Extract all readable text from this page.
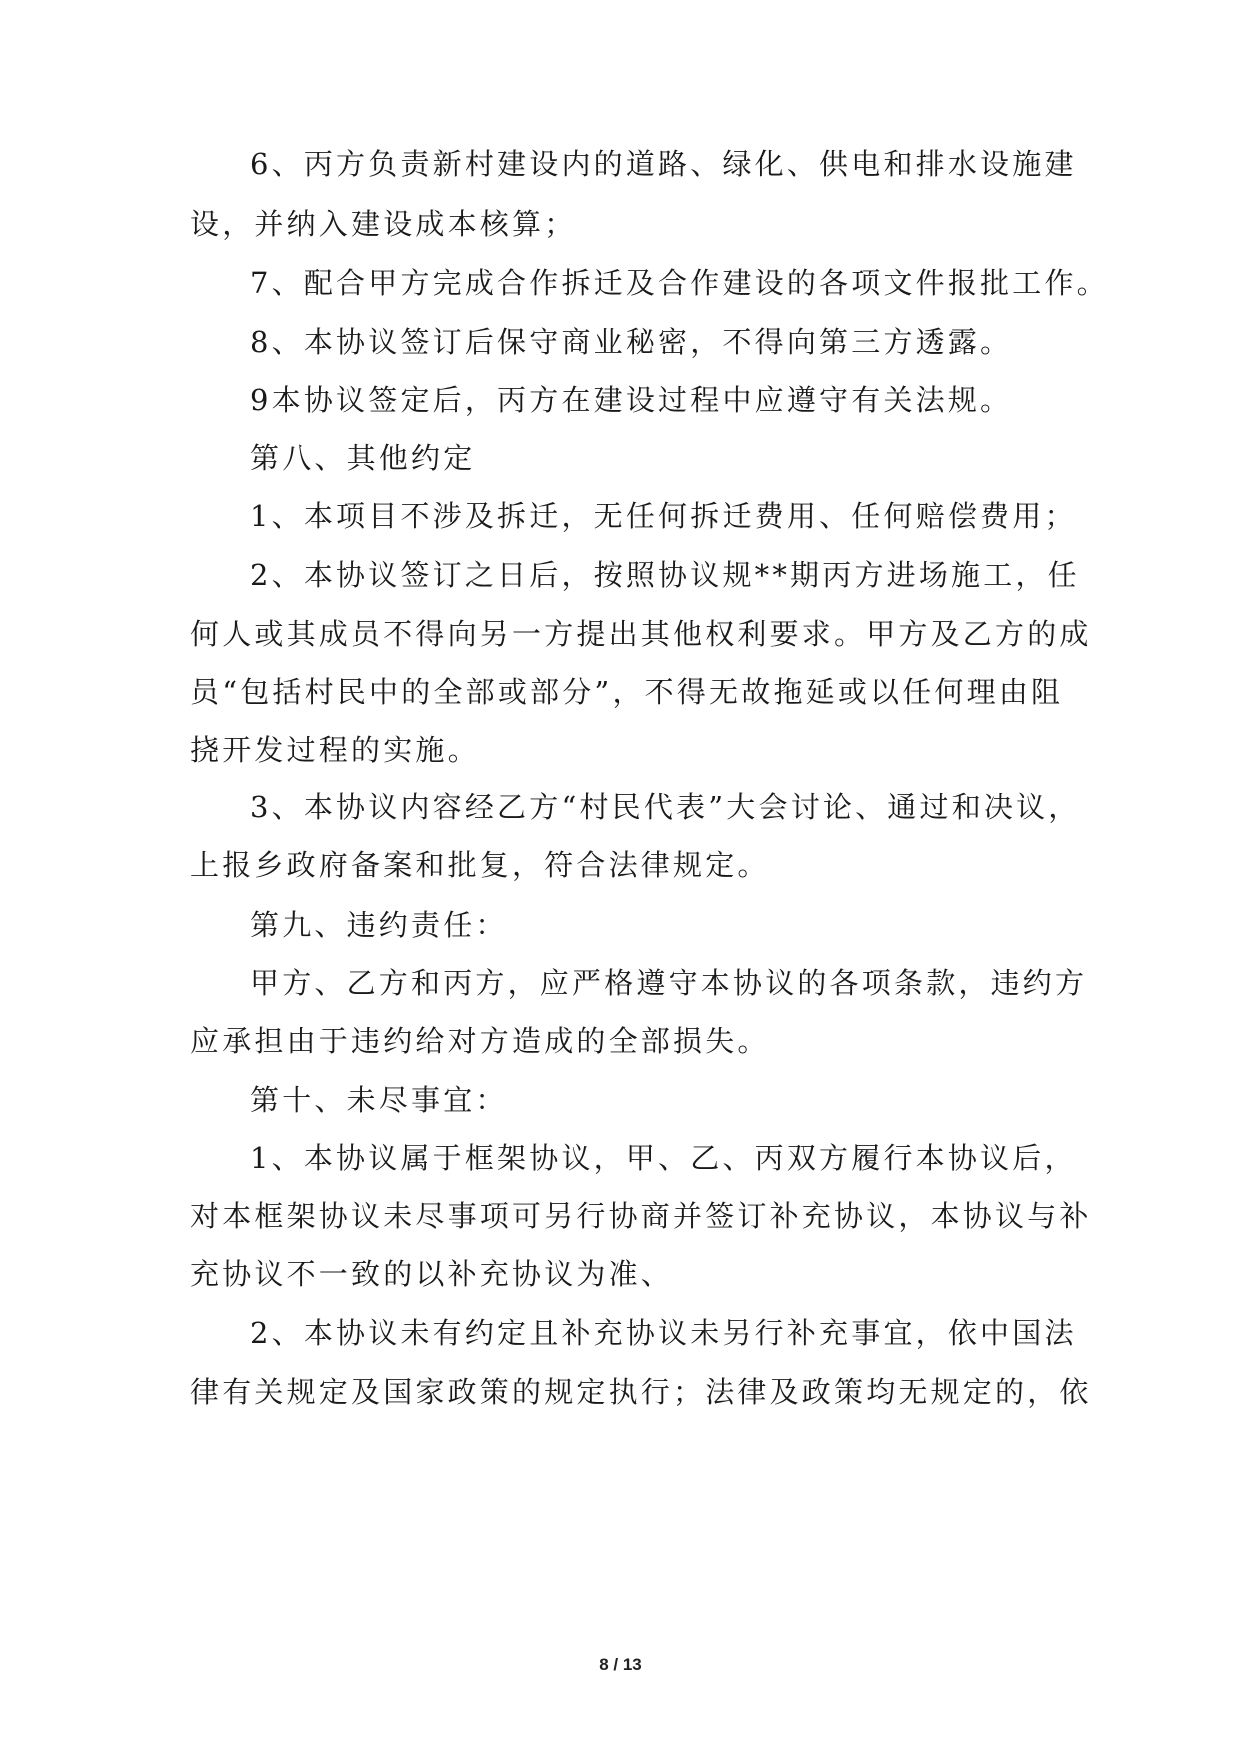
6、丙方负责新村建设内的道路、绿化、供电和排水设施建
设，并纳入建设成本核算；
7、配合甲方完成合作拆迁及合作建设的各项文件报批工作。
8、本协议签订后保守商业秘密，不得向第三方透露。
9本协议签定后，丙方在建设过程中应遵守有关法规。
第八、其他约定
1、本项目不涉及拆迁，无任何拆迁费用、任何赔偿费用；
2、本协议签订之日后，按照协议规**期丙方进场施工，任
何人或其成员不得向另一方提出其他权利要求。甲方及乙方的成
员“包括村民中的全部或部分”，不得无故拖延或以任何理由阻
挠开发过程的实施。
3、本协议内容经乙方“村民代表”大会讨论、通过和决议，
上报乡政府备案和批复，符合法律规定。
第九、违约责任：
甲方、乙方和丙方，应严格遵守本协议的各项条款，违约方
应承担由于违约给对方造成的全部损失。
第十、未尽事宜：
1、本协议属于框架协议，甲、乙、丙双方履行本协议后，
对本框架协议未尽事项可另行协商并签订补充协议，本协议与补
充协议不一致的以补充协议为准、
2、本协议未有约定且补充协议未另行补充事宜，依中国法
律有关规定及国家政策的规定执行；法律及政策均无规定的，依
8 / 13
